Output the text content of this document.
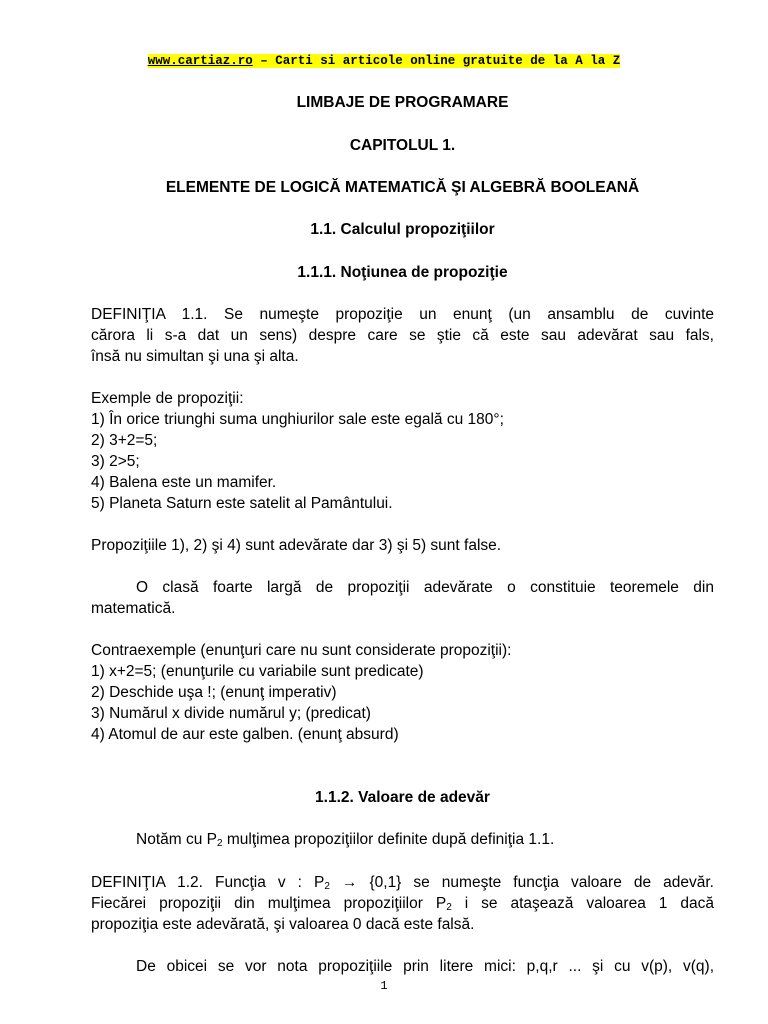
www.cartiaz.ro – Carti si articole online gratuite de la A la Z
LIMBAJE DE PROGRAMARE
CAPITOLUL 1.
ELEMENTE DE LOGICĂ MATEMATICĂ ŞI ALGEBRĂ BOOLEANĂ
1.1. Calculul propoziţiilor
1.1.1. Noţiunea de propoziţie
DEFINIŢIA 1.1. Se numeşte propoziţie un enunţ (un ansamblu de cuvinte
cărora li s-a dat un sens) despre care se ştie că este sau adevărat sau fals,
însă nu simultan şi una şi alta.
Exemple de propoziţii:
1) În orice triunghi suma unghiurilor sale este egală cu 180°;
2) 3+2=5;
3) 2>5;
4) Balena este un mamifer.
5) Planeta Saturn este satelit al Pamântului.
Propoziţiile 1), 2) şi 4) sunt adevărate dar 3) şi 5) sunt false.
O clasă foarte largă de propoziţii adevărate o constituie teoremele din
matematică.
Contraexemple (enunţuri care nu sunt considerate propoziţii):
1) x+2=5; (enunţurile cu variabile sunt predicate)
2) Deschide uşa !; (enunţ imperativ)
3) Numărul x divide numărul y; (predicat)
4) Atomul de aur este galben. (enunţ absurd)
1.1.2. Valoare de adevăr
Notăm cu $P_2$ mulţimea propoziţiilor definite după definiţia 1.1.
DEFINIŢIA 1.2. Funcţia v : $P_2 \to \{0,1\}$ se numeşte funcţia valoare de adevăr.
Fiecărei propoziţii din mulţimea propoziţiilor $P_2$ i se ataşează valoarea 1 dacă
propoziţia este adevărată, şi valoarea 0 dacă este falsă.
De obicei se vor nota propoziţiile prin litere mici: p,q,r ... şi cu v(p), v(q),
1
